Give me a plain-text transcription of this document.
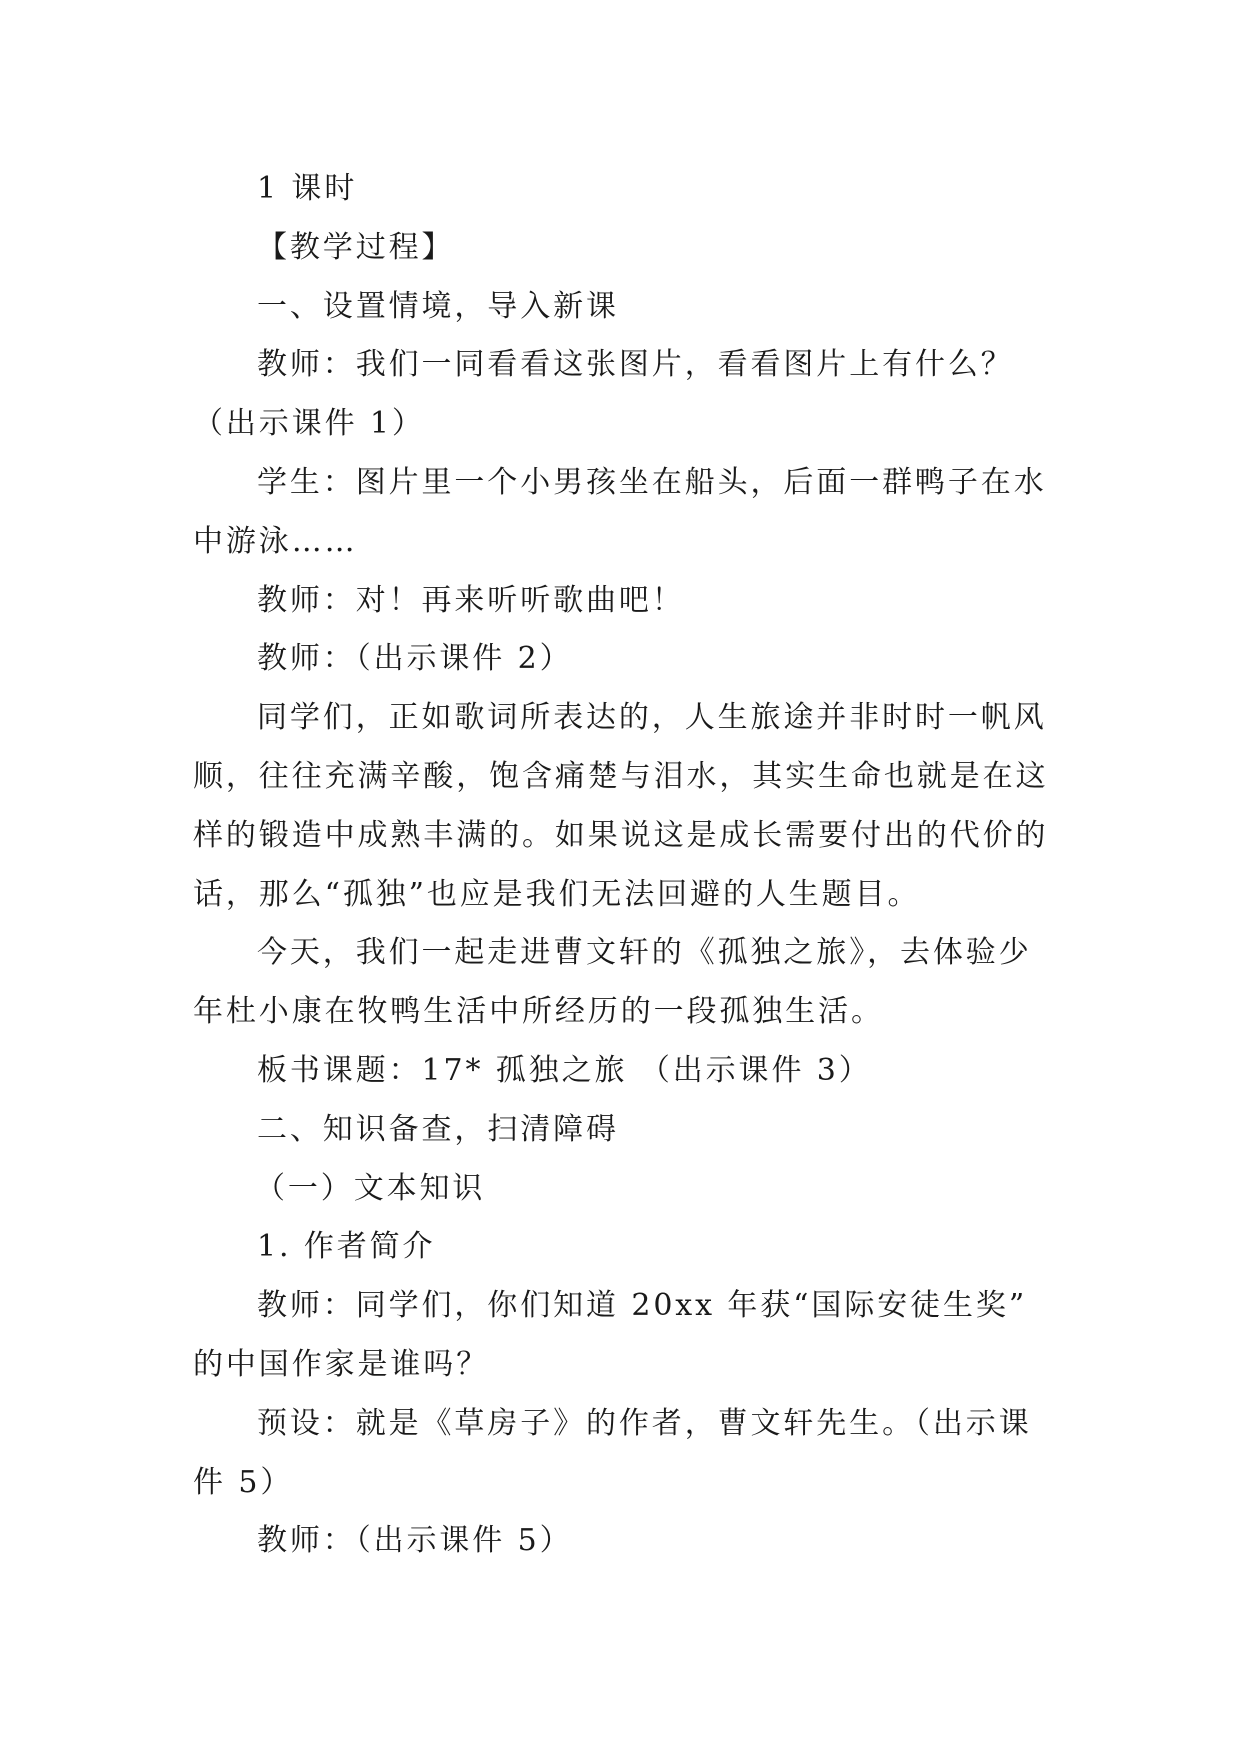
1 课时
【教学过程】
一、设置情境，导入新课
教师：我们一同看看这张图片，看看图片上有什么？
（出示课件 1）
学生：图片里一个小男孩坐在船头，后面一群鸭子在水
中游泳……
教师：对！再来听听歌曲吧！
教师：（出示课件 2）
同学们，正如歌词所表达的，人生旅途并非时时一帆风
顺，往往充满辛酸，饱含痛楚与泪水，其实生命也就是在这
样的锻造中成熟丰满的。如果说这是成长需要付出的代价的
话，那么“孤独”也应是我们无法回避的人生题目。
今天，我们一起走进曹文轩的《孤独之旅》，去体验少
年杜小康在牧鸭生活中所经历的一段孤独生活。
板书课题：17* 孤独之旅 （出示课件 3）
二、知识备查，扫清障碍
（一）文本知识
1. 作者简介
教师：同学们，你们知道 20xx 年获“国际安徒生奖”
的中国作家是谁吗？
预设：就是《草房子》的作者，曹文轩先生。（出示课
件 5）
教师：（出示课件 5）
